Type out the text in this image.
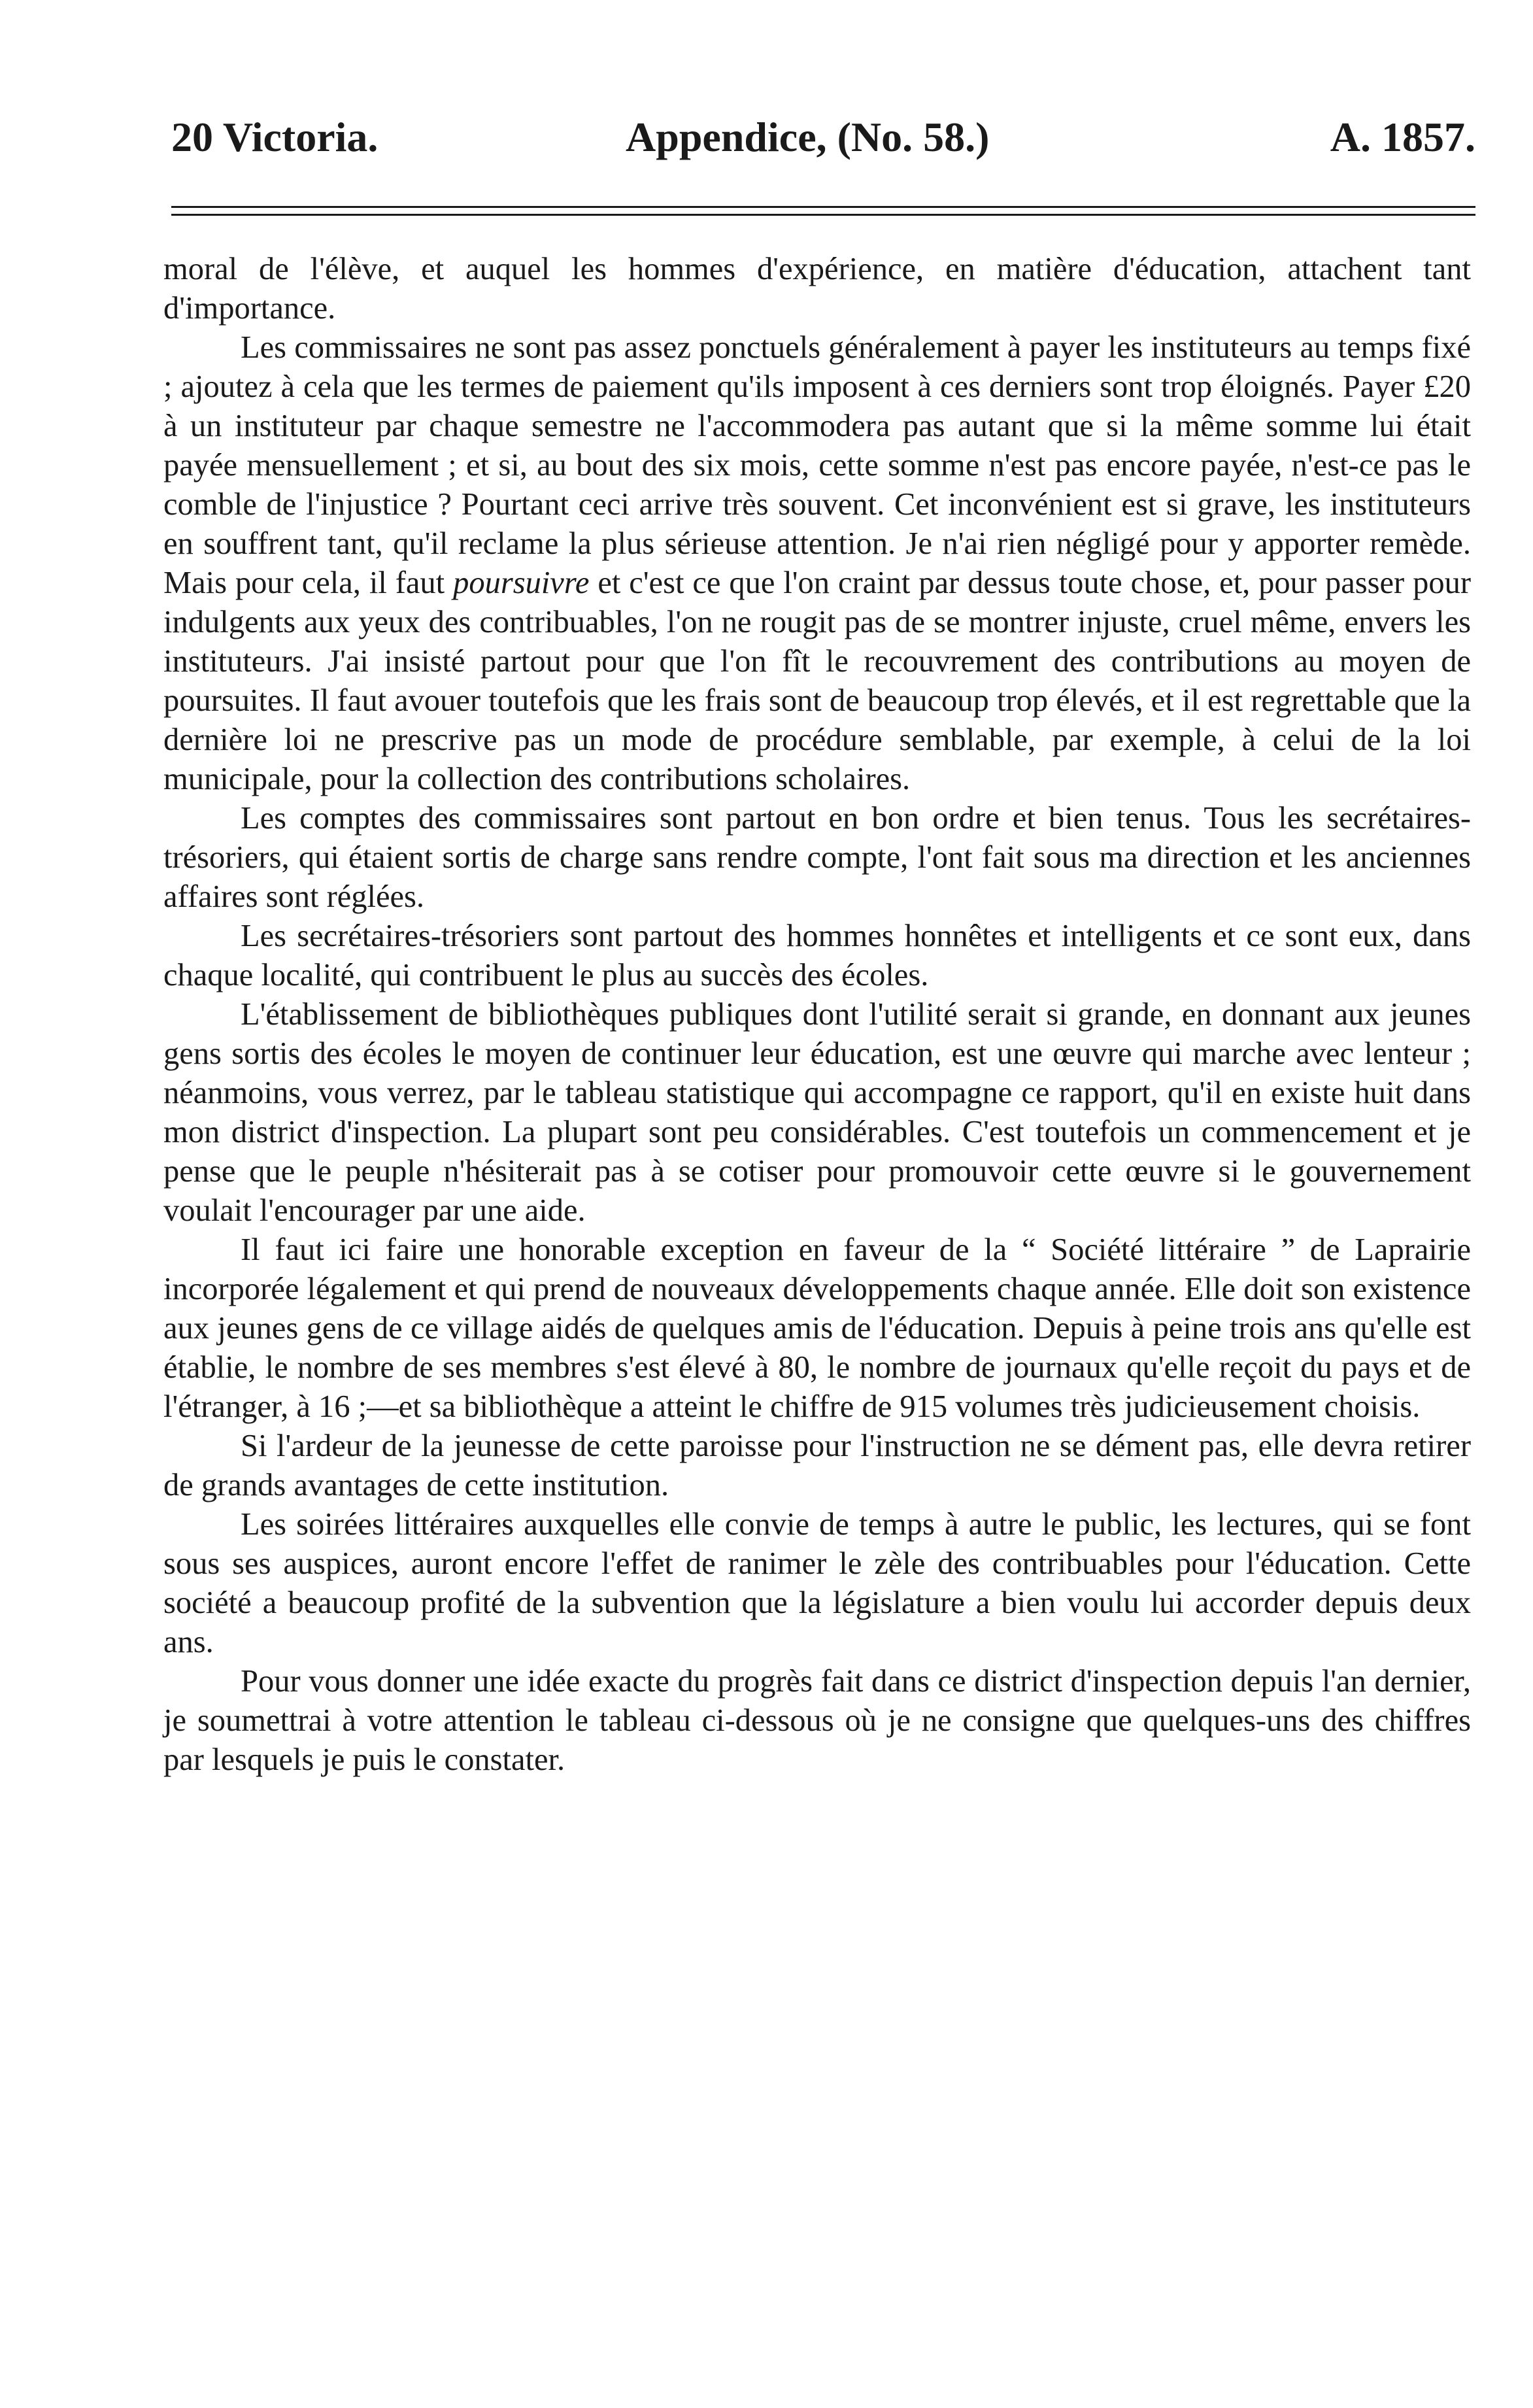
20 Victoria.	Appendice, (No. 58.)	A. 1857.

moral de l'élève, et auquel les hommes d'expérience, en matière d'éducation, attachent tant d'importance.

Les commissaires ne sont pas assez ponctuels généralement à payer les instituteurs au temps fixé ; ajoutez à cela que les termes de paiement qu'ils imposent à ces derniers sont trop éloignés. Payer £20 à un instituteur par chaque semestre ne l'accommodera pas autant que si la même somme lui était payée mensuellement ; et si, au bout des six mois, cette somme n'est pas encore payée, n'est-ce pas le comble de l'injustice ? Pourtant ceci arrive très souvent. Cet inconvénient est si grave, les instituteurs en souffrent tant, qu'il reclame la plus sérieuse attention. Je n'ai rien négligé pour y apporter remède. Mais pour cela, il faut poursuivre et c'est ce que l'on craint par dessus toute chose, et, pour passer pour indulgents aux yeux des contribuables, l'on ne rougit pas de se montrer injuste, cruel même, envers les instituteurs. J'ai insisté partout pour que l'on fît le recouvrement des contributions au moyen de poursuites. Il faut avouer toutefois que les frais sont de beaucoup trop élevés, et il est regrettable que la dernière loi ne prescrive pas un mode de procédure semblable, par exemple, à celui de la loi municipale, pour la collection des contributions scholaires.

Les comptes des commissaires sont partout en bon ordre et bien tenus. Tous les secrétaires-trésoriers, qui étaient sortis de charge sans rendre compte, l'ont fait sous ma direction et les anciennes affaires sont réglées.

Les secrétaires-trésoriers sont partout des hommes honnêtes et intelligents et ce sont eux, dans chaque localité, qui contribuent le plus au succès des écoles.

L'établissement de bibliothèques publiques dont l'utilité serait si grande, en donnant aux jeunes gens sortis des écoles le moyen de continuer leur éducation, est une œuvre qui marche avec lenteur ; néanmoins, vous verrez, par le tableau statistique qui accompagne ce rapport, qu'il en existe huit dans mon district d'inspection. La plupart sont peu considérables. C'est toutefois un commencement et je pense que le peuple n'hésiterait pas à se cotiser pour promouvoir cette œuvre si le gouvernement voulait l'encourager par une aide.

Il faut ici faire une honorable exception en faveur de la “ Société littéraire ” de Laprairie incorporée légalement et qui prend de nouveaux développements chaque année. Elle doit son existence aux jeunes gens de ce village aidés de quelques amis de l'éducation. Depuis à peine trois ans qu'elle est établie, le nombre de ses membres s'est élevé à 80, le nombre de journaux qu'elle reçoit du pays et de l'étranger, à 16 ;—et sa bibliothèque a atteint le chiffre de 915 volumes très judicieusement choisis.

Si l'ardeur de la jeunesse de cette paroisse pour l'instruction ne se dément pas, elle devra retirer de grands avantages de cette institution.

Les soirées littéraires auxquelles elle convie de temps à autre le public, les lectures, qui se font sous ses auspices, auront encore l'effet de ranimer le zèle des contribuables pour l'éducation. Cette société a beaucoup profité de la subvention que la législature a bien voulu lui accorder depuis deux ans.

Pour vous donner une idée exacte du progrès fait dans ce district d'inspection depuis l'an dernier, je soumettrai à votre attention le tableau ci-dessous où je ne consigne que quelques-uns des chiffres par lesquels je puis le constater.
